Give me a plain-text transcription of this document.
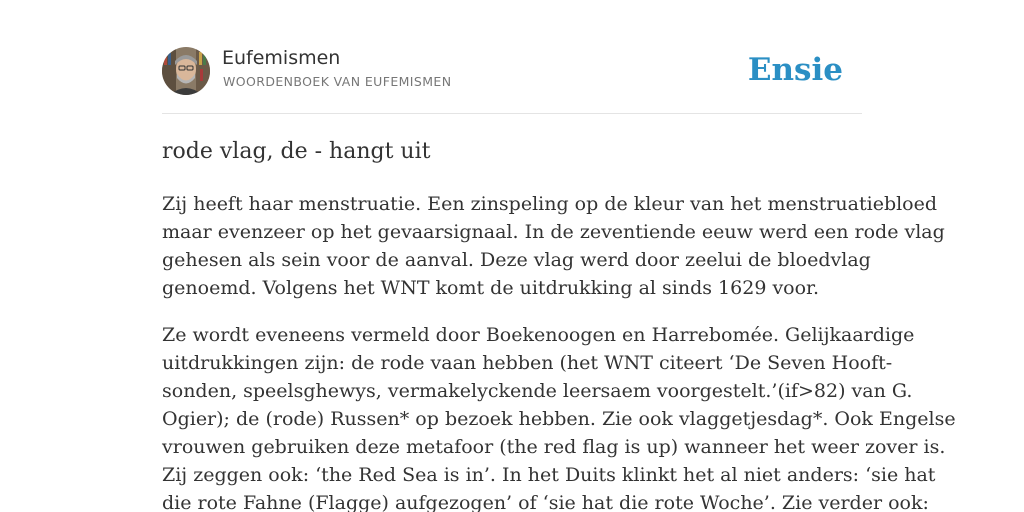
Eufemismen
WOORDENBOEK VAN EUFEMISMEN	Ensie
rode vlag, de - hangt uit

Zij heeft haar menstruatie. Een zinspeling op de kleur van het menstruatiebloed
maar evenzeer op het gevaarsignaal. In de zeventiende eeuw werd een rode vlag
gehesen als sein voor de aanval. Deze vlag werd door zeelui de bloedvlag
genoemd. Volgens het WNT komt de uitdrukking al sinds 1629 voor.

Ze wordt eveneens vermeld door Boekenoogen en Harrebomée. Gelijkaardige
uitdrukkingen zijn: de rode vaan hebben (het WNT citeert ‘De Seven Hooft-
sonden, speelsghewys, vermakelyckende leersaem voorgestelt.’(if>82) van G.
Ogier); de (rode) Russen* op bezoek hebben. Zie ook vlaggetjesdag*. Ook Engelse
vrouwen gebruiken deze metafoor (the red flag is up) wanneer het weer zover is.
Zij zeggen ook: ‘the Red Sea is in’. In het Duits klinkt het al niet anders: ‘sie hat
die rote Fahne (Flagge) aufgezogen’ of ‘sie hat die rote Woche’. Zie verder ook:
